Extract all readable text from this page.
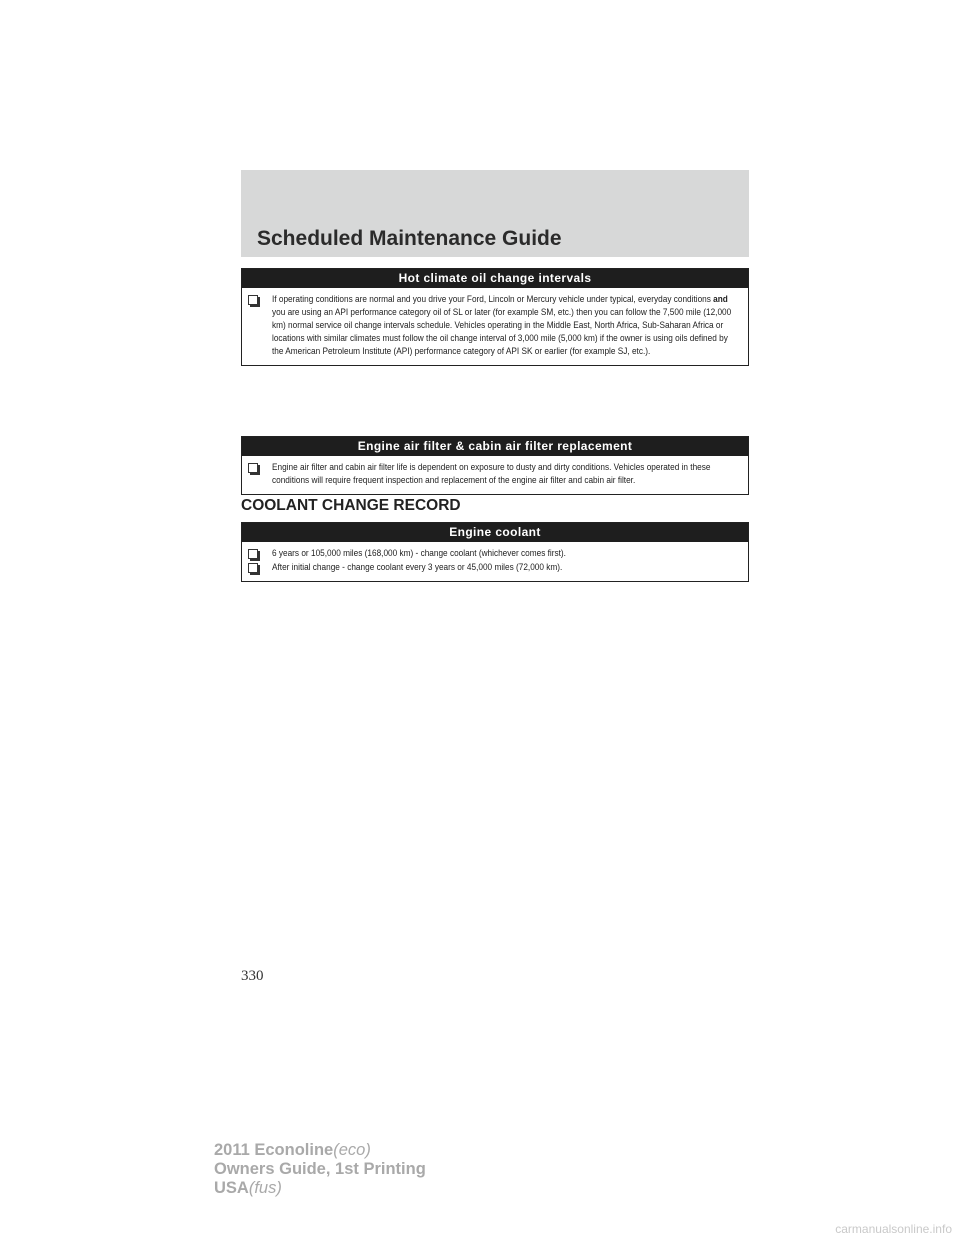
Scheduled Maintenance Guide
Hot climate oil change intervals
If operating conditions are normal and you drive your Ford, Lincoln or Mercury vehicle under typical, everyday conditions and you are using an API performance category oil of SL or later (for example SM, etc.) then you can follow the 7,500 mile (12,000 km) normal service oil change intervals schedule. Vehicles operating in the Middle East, North Africa, Sub-Saharan Africa or locations with similar climates must follow the oil change interval of 3,000 mile (5,000 km) if the owner is using oils defined by the American Petroleum Institute (API) performance category of API SK or earlier (for example SJ, etc.).
Engine air filter & cabin air filter replacement
Engine air filter and cabin air filter life is dependent on exposure to dusty and dirty conditions. Vehicles operated in these conditions will require frequent inspection and replacement of the engine air filter and cabin air filter.
COOLANT CHANGE RECORD
Engine coolant
6 years or 105,000 miles (168,000 km) - change coolant (whichever comes first).
After initial change - change coolant every 3 years or 45,000 miles (72,000 km).
330
2011 Econoline(eco)
Owners Guide, 1st Printing
USA(fus)
carmanualsonline.info
